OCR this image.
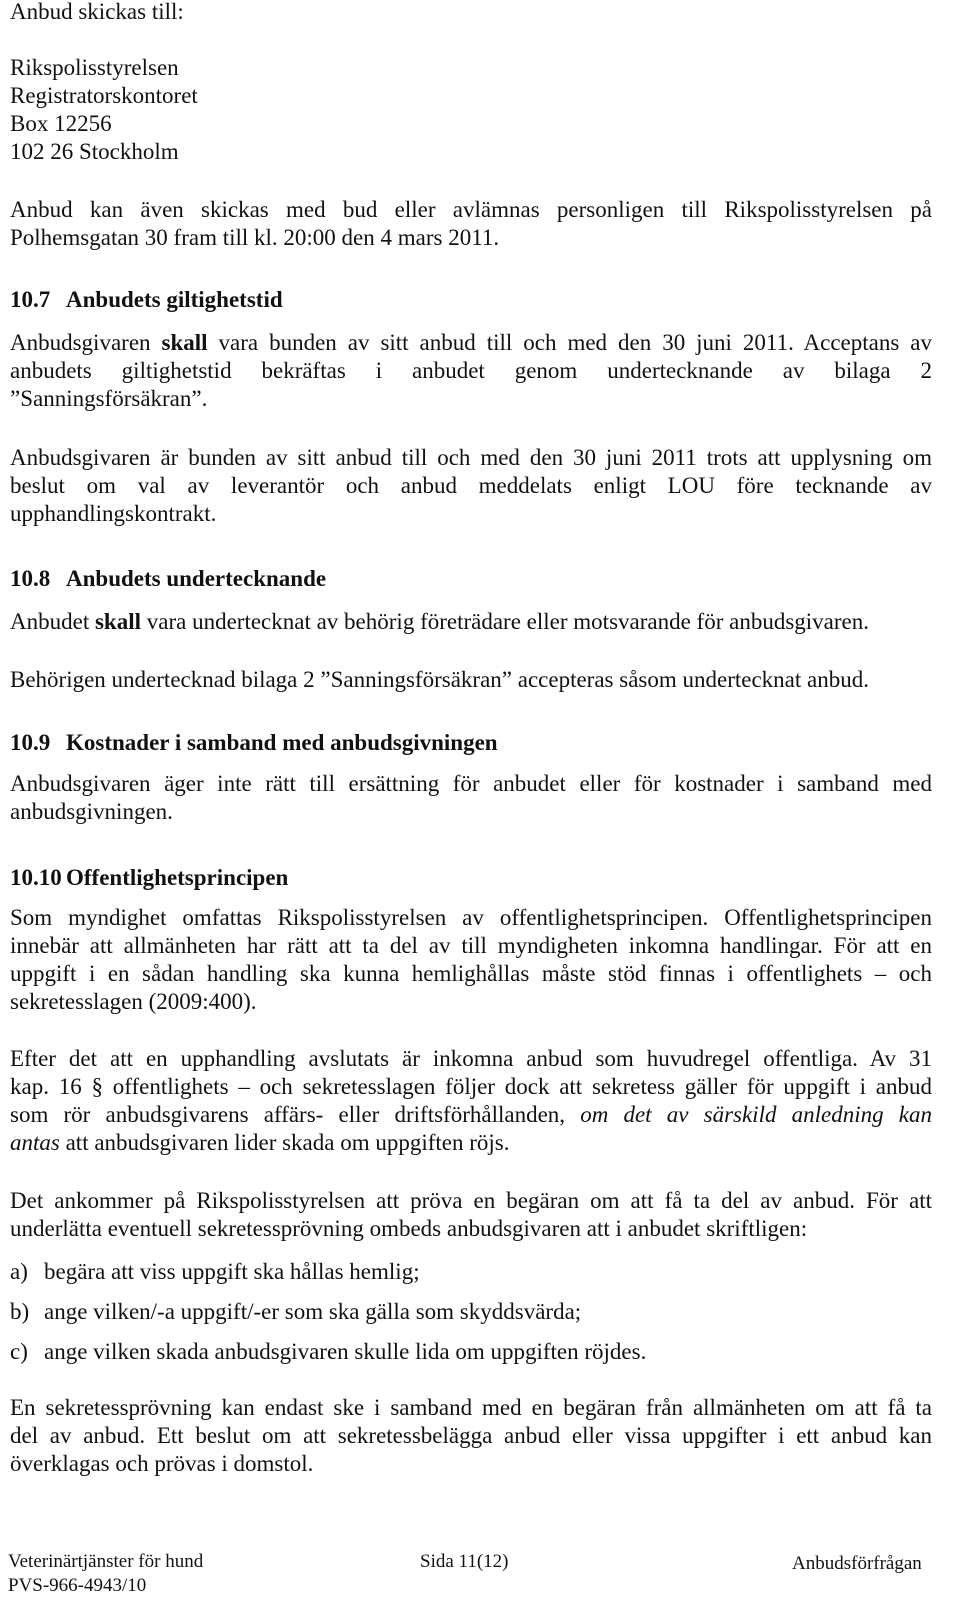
Anbud skickas till:
Rikspolisstyrelsen
Registratorskontoret
Box 12256
102 26 Stockholm
Anbud kan även skickas med bud eller avlämnas personligen till Rikspolisstyrelsen på
Polhemsgatan 30 fram till kl. 20:00 den 4 mars 2011.
10.7 Anbudets giltighetstid
Anbudsgivaren skall vara bunden av sitt anbud till och med den 30 juni 2011. Acceptans av
anbudets giltighetstid bekräftas i anbudet genom undertecknande av bilaga 2
”Sanningsförsäkran”.
Anbudsgivaren är bunden av sitt anbud till och med den 30 juni 2011 trots att upplysning om
beslut om val av leverantör och anbud meddelats enligt LOU före tecknande av
upphandlingskontrakt.
10.8 Anbudets undertecknande
Anbudet skall vara undertecknat av behörig företrädare eller motsvarande för anbudsgivaren.
Behörigen undertecknad bilaga 2 ”Sanningsförsäkran” accepteras såsom undertecknat anbud.
10.9 Kostnader i samband med anbudsgivningen
Anbudsgivaren äger inte rätt till ersättning för anbudet eller för kostnader i samband med
anbudsgivningen.
10.10 Offentlighetsprincipen
Som myndighet omfattas Rikspolisstyrelsen av offentlighetsprincipen. Offentlighetsprincipen
innebär att allmänheten har rätt att ta del av till myndigheten inkomna handlingar. För att en
uppgift i en sådan handling ska kunna hemlighållas måste stöd finnas i offentlighets – och
sekretesslagen (2009:400).
Efter det att en upphandling avslutats är inkomna anbud som huvudregel offentliga. Av 31
kap. 16 § offentlighets – och sekretesslagen följer dock att sekretess gäller för uppgift i anbud
som rör anbudsgivarens affärs- eller driftsförhållanden, om det av särskild anledning kan
antas att anbudsgivaren lider skada om uppgiften röjs.
Det ankommer på Rikspolisstyrelsen att pröva en begäran om att få ta del av anbud. För att
underlätta eventuell sekretessprövning ombeds anbudsgivaren att i anbudet skriftligen:
a) begära att viss uppgift ska hållas hemlig;
b) ange vilken/-a uppgift/-er som ska gälla som skyddsvärda;
c) ange vilken skada anbudsgivaren skulle lida om uppgiften röjdes.
En sekretessprövning kan endast ske i samband med en begäran från allmänheten om att få ta
del av anbud. Ett beslut om att sekretessbelägga anbud eller vissa uppgifter i ett anbud kan
överklagas och prövas i domstol.
Veterinärtjänster för hund	Sida 11(12)	Anbudsförfrågan
PVS-966-4943/10
